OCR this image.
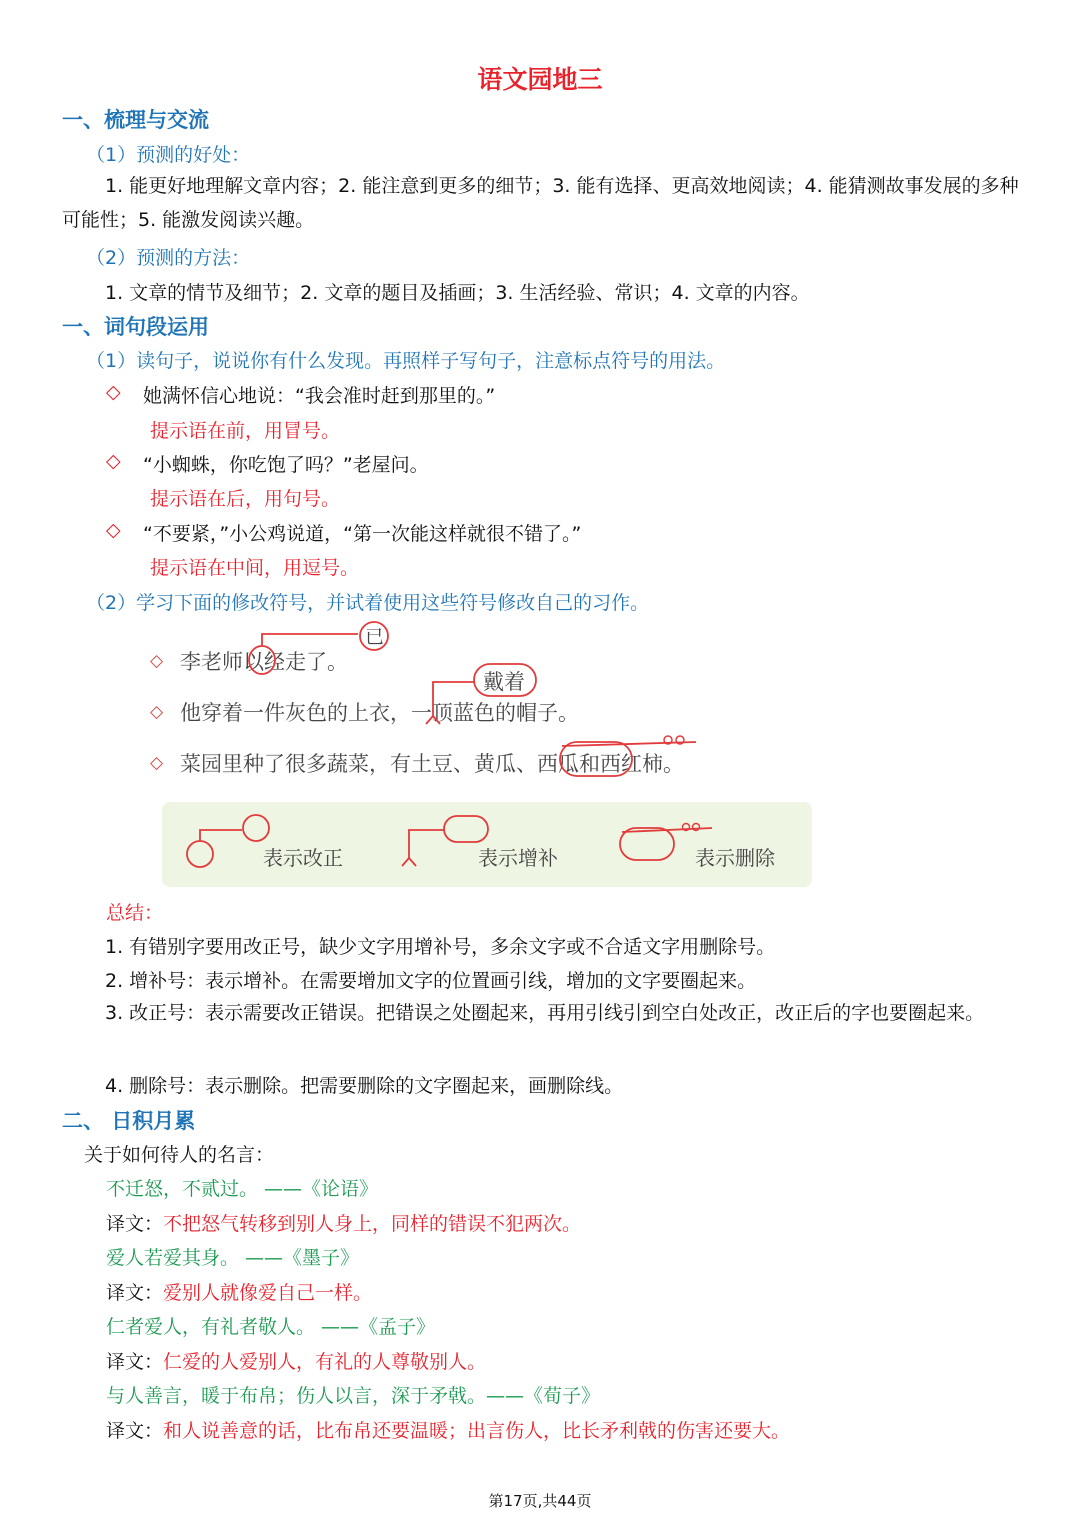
语文园地三
一、梳理与交流
（1）预测的好处：
1. 能更好地理解文章内容；2. 能注意到更多的细节；3. 能有选择、更高效地阅读；4. 能猜测故事发展的多种可能性；5. 能激发阅读兴趣。
（2）预测的方法：
1. 文章的情节及细节；2. 文章的题目及插画；3. 生活经验、常识；4. 文章的内容。
一、词句段运用
（1）读句子，说说你有什么发现。再照样子写句子，注意标点符号的用法。
◇ 她满怀信心地说：“我会准时赶到那里的。”
提示语在前，用冒号。
◇ “小蜘蛛，你吃饱了吗？”老屋问。
提示语在后，用句号。
◇ “不要紧，”小公鸡说道，“第一次能这样就很不错了。”
提示语在中间，用逗号。
（2）学习下面的修改符号，并试着使用这些符号修改自己的习作。
◇ 李老师以经走了。
已
◇ 他穿着一件灰色的上衣，一顶蓝色的帽子。
戴着
◇ 菜园里种了很多蔬菜，有土豆、黄瓜、西瓜和西红柿。
表示改正	表示增补	表示删除
总结：
1. 有错别字要用改正号，缺少文字用增补号，多余文字或不合适文字用删除号。
2. 增补号：表示增补。在需要增加文字的位置画引线，增加的文字要圈起来。
3. 改正号：表示需要改正错误。把错误之处圈起来，再用引线引到空白处改正，改正后的字也要圈起来。
4. 删除号：表示删除。把需要删除的文字圈起来，画删除线。
二、 日积月累
关于如何待人的名言：
不迁怒，不贰过。 ——《论语》
译文：不把怒气转移到别人身上，同样的错误不犯两次。
爱人若爱其身。 ——《墨子》
译文：爱别人就像爱自己一样。
仁者爱人，有礼者敬人。 ——《孟子》
译文：仁爱的人爱别人，有礼的人尊敬别人。
与人善言，暖于布帛；伤人以言，深于矛戟。——《荀子》
译文：和人说善意的话，比布帛还要温暖；出言伤人，比长矛利戟的伤害还要大。
第17页,共44页
